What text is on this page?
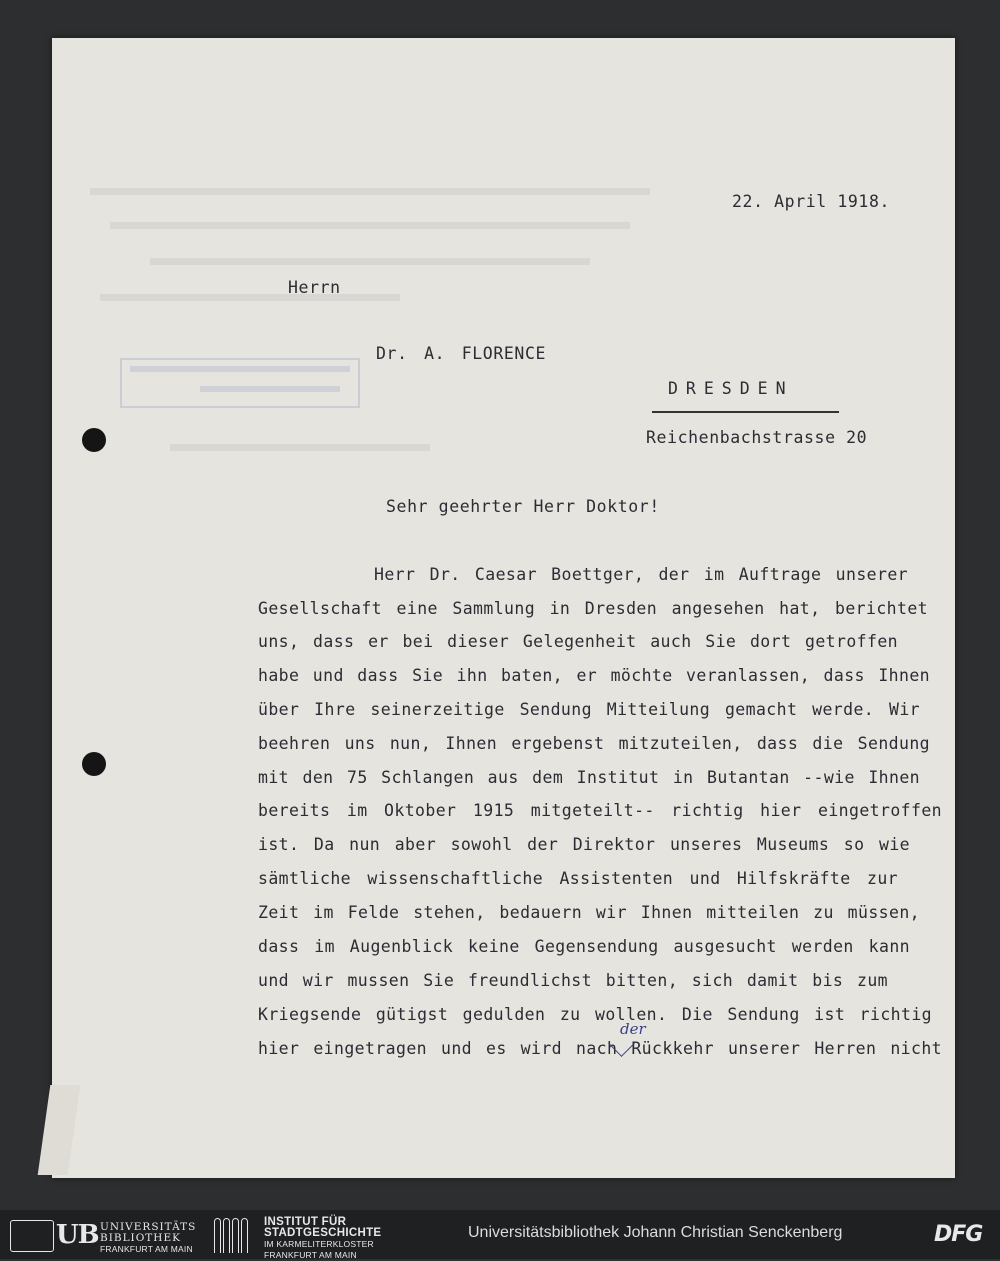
22. April 1918.
Herrn
Dr. A. FLORENCE
DRESDEN
Reichenbachstrasse 20
Sehr geehrter Herr Doktor!
Herr Dr. Caesar Boettger, der im Auftrage unserer
Gesellschaft eine Sammlung in Dresden angesehen hat, berichtet
uns, dass er bei dieser Gelegenheit auch Sie dort getroffen
habe und dass Sie ihn baten, er möchte veranlassen, dass Ihnen
über Ihre seinerzeitige Sendung Mitteilung gemacht werde. Wir
beehren uns nun, Ihnen ergebenst mitzuteilen, dass die Sendung
mit den 75 Schlangen aus dem Institut in Butantan --wie Ihnen
bereits im Oktober 1915 mitgeteilt-- richtig hier eingetroffen
ist. Da nun aber sowohl der Direktor unseres Museums so wie
sämtliche wissenschaftliche Assistenten und Hilfskräfte zur
Zeit im Felde stehen, bedauern wir Ihnen mitteilen zu müssen,
dass im Augenblick keine Gegensendung ausgesucht werden kann
und wir mussen Sie freundlichst bitten, sich damit bis zum
Kriegsende gütigst gedulden zu wollen. Die Sendung ist richtig
hier eingetragen und es wird nach Rückkehr unserer Herren nicht
der
UB UNIVERSITÄTS
BIBLIOTHEK
FRANKFURT AM MAIN
INSTITUT FÜR
STADTGESCHICHTE
IM KARMELITERKLOSTER
FRANKFURT AM MAIN
Universitätsbibliothek Johann Christian Senckenberg	DFG
